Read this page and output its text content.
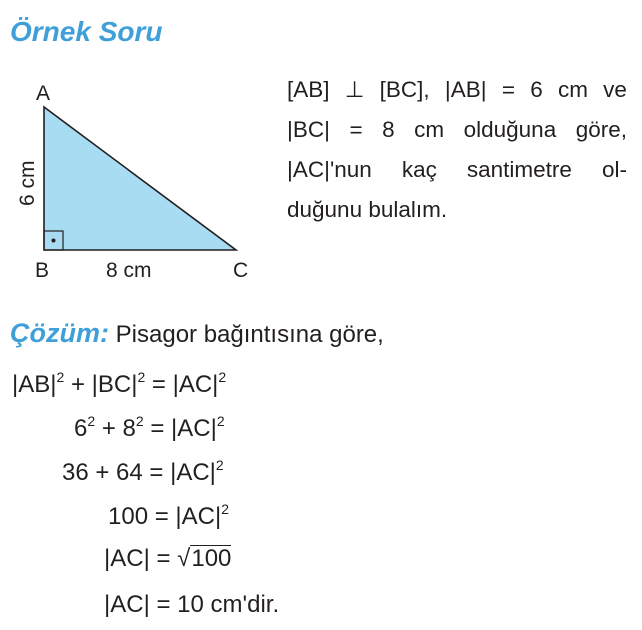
Örnek Soru
A
B	C
8 cm
6 cm
[AB] ⊥ [BC], |AB| = 6 cm ve
|BC| = 8 cm olduğuna göre,
|AC|'nun kaç santimetre ol-
duğunu bulalım.
Çözüm: Pisagor bağıntısına göre,
$|AB|^2 + |BC|^2 = |AC|^2$
$6^2 + 8^2 = |AC|^2$
$36 + 64 = |AC|^2$
$100 = |AC|^2$
|AC| = √100
|AC| = 10 cm'dir.
